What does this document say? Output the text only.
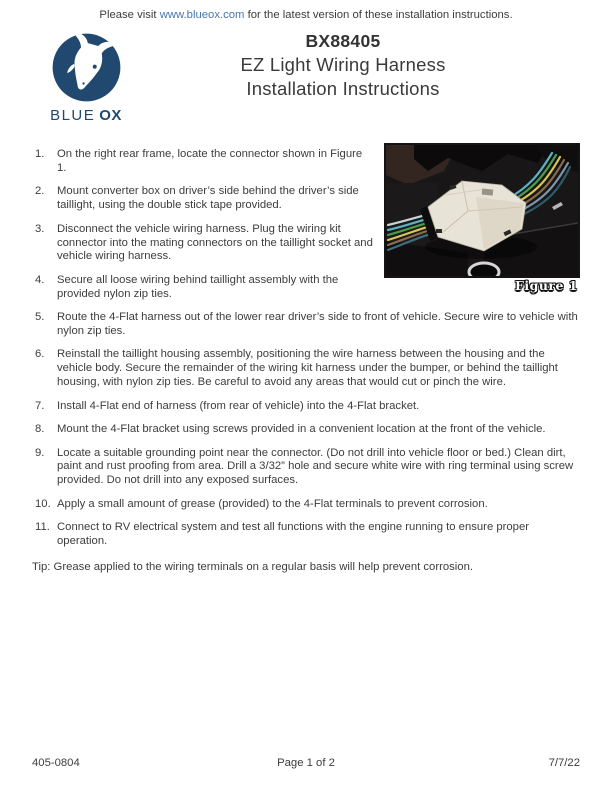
Please visit www.blueox.com for the latest version of these installation instructions.
BLUE OX
BX88405
EZ Light Wiring Harness
Installation Instructions
Figure 1
1. On the right rear frame, locate the connector shown in Figure 1.
2. Mount converter box on driver’s side behind the driver’s side taillight, using the double stick tape provided.
3. Disconnect the vehicle wiring harness. Plug the wiring kit connector into the mating connectors on the taillight socket and vehicle wiring harness.
4. Secure all loose wiring behind taillight assembly with the provided nylon zip ties.
5. Route the 4-Flat harness out of the lower rear driver’s side to front of vehicle. Secure wire to vehicle with nylon zip ties.
6. Reinstall the taillight housing assembly, positioning the wire harness between the housing and the vehicle body. Secure the remainder of the wiring kit harness under the bumper, or behind the taillight housing, with nylon zip ties. Be careful to avoid any areas that would cut or pinch the wire.
7. Install 4-Flat end of harness (from rear of vehicle) into the 4-Flat bracket.
8. Mount the 4-Flat bracket using screws provided in a convenient location at the front of the vehicle.
9. Locate a suitable grounding point near the connector. (Do not drill into vehicle floor or bed.) Clean dirt, paint and rust proofing from area. Drill a 3/32” hole and secure white wire with ring terminal using screw provided. Do not drill into any exposed surfaces.
10. Apply a small amount of grease (provided) to the 4-Flat terminals to prevent corrosion.
11. Connect to RV electrical system and test all functions with the engine running to ensure proper operation.

Tip: Grease applied to the wiring terminals on a regular basis will help prevent corrosion.

405-0804	Page 1 of 2	7/7/22
